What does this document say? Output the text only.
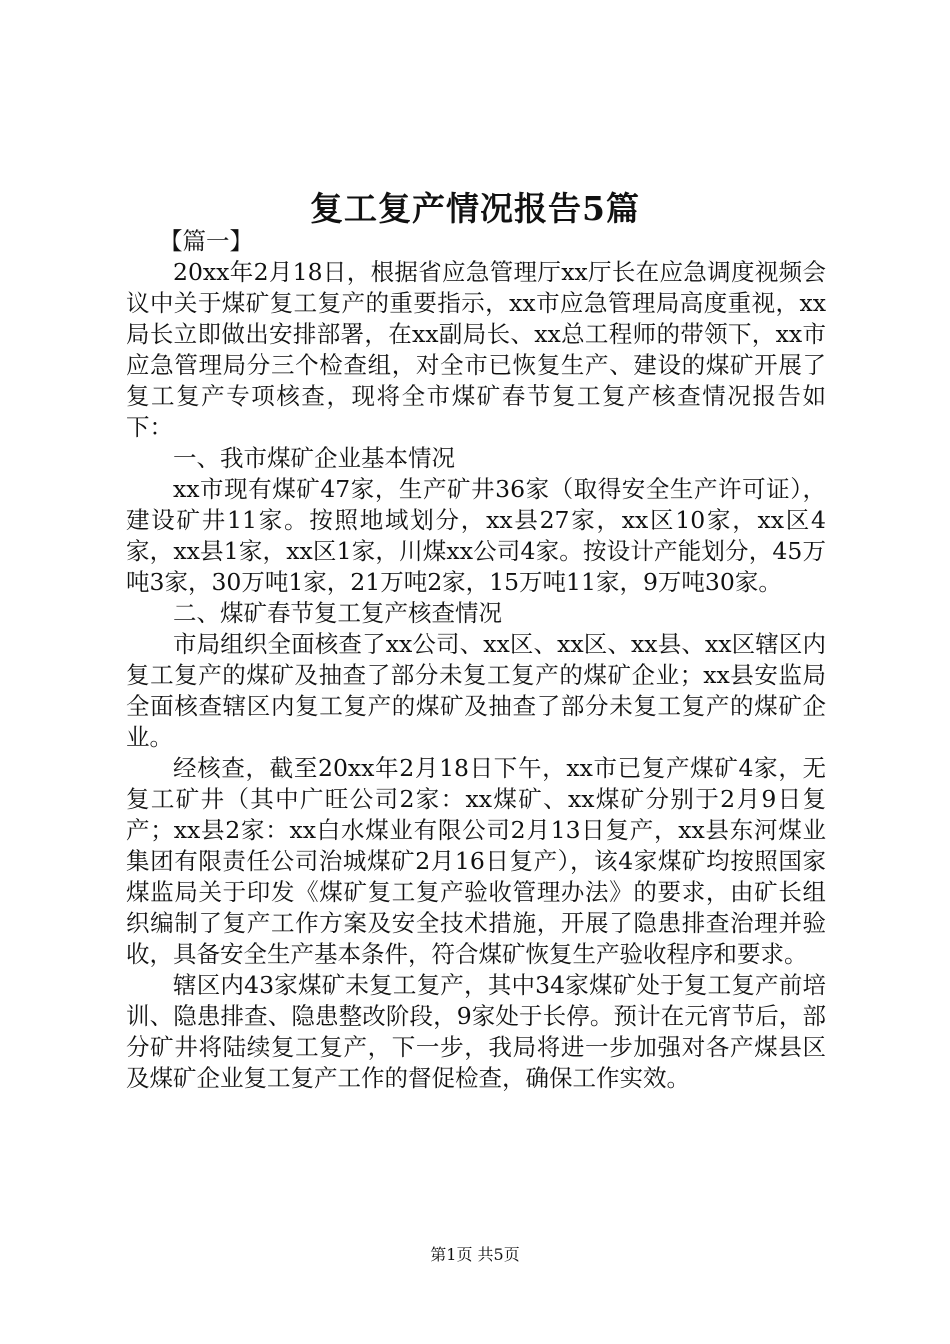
复工复产情况报告5篇

【篇一】

20xx年2月18日，根据省应急管理厅xx厅长在应急调度视频会议中关于煤矿复工复产的重要指示，xx市应急管理局高度重视，xx局长立即做出安排部署，在xx副局长、xx总工程师的带领下，xx市应急管理局分三个检查组，对全市已恢复生产、建设的煤矿开展了复工复产专项核查，现将全市煤矿春节复工复产核查情况报告如下：

一、我市煤矿企业基本情况

xx市现有煤矿47家，生产矿井36家（取得安全生产许可证），建设矿井11家。按照地域划分，xx县27家，xx区10家，xx区4家，xx县1家，xx区1家，川煤xx公司4家。按设计产能划分，45万吨3家，30万吨1家，21万吨2家，15万吨11家，9万吨30家。

二、煤矿春节复工复产核查情况

市局组织全面核查了xx公司、xx区、xx区、xx县、xx区辖区内复工复产的煤矿及抽查了部分未复工复产的煤矿企业；xx县安监局全面核查辖区内复工复产的煤矿及抽查了部分未复工复产的煤矿企业。

经核查，截至20xx年2月18日下午，xx市已复产煤矿4家，无复工矿井（其中广旺公司2家：xx煤矿、xx煤矿分别于2月9日复产；xx县2家：xx白水煤业有限公司2月13日复产，xx县东河煤业集团有限责任公司治城煤矿2月16日复产），该4家煤矿均按照国家煤监局关于印发《煤矿复工复产验收管理办法》的要求，由矿长组织编制了复产工作方案及安全技术措施，开展了隐患排查治理并验收，具备安全生产基本条件，符合煤矿恢复生产验收程序和要求。

辖区内43家煤矿未复工复产，其中34家煤矿处于复工复产前培训、隐患排查、隐患整改阶段，9家处于长停。预计在元宵节后，部分矿井将陆续复工复产，下一步，我局将进一步加强对各产煤县区及煤矿企业复工复产工作的督促检查，确保工作实效。

第1页 共5页
